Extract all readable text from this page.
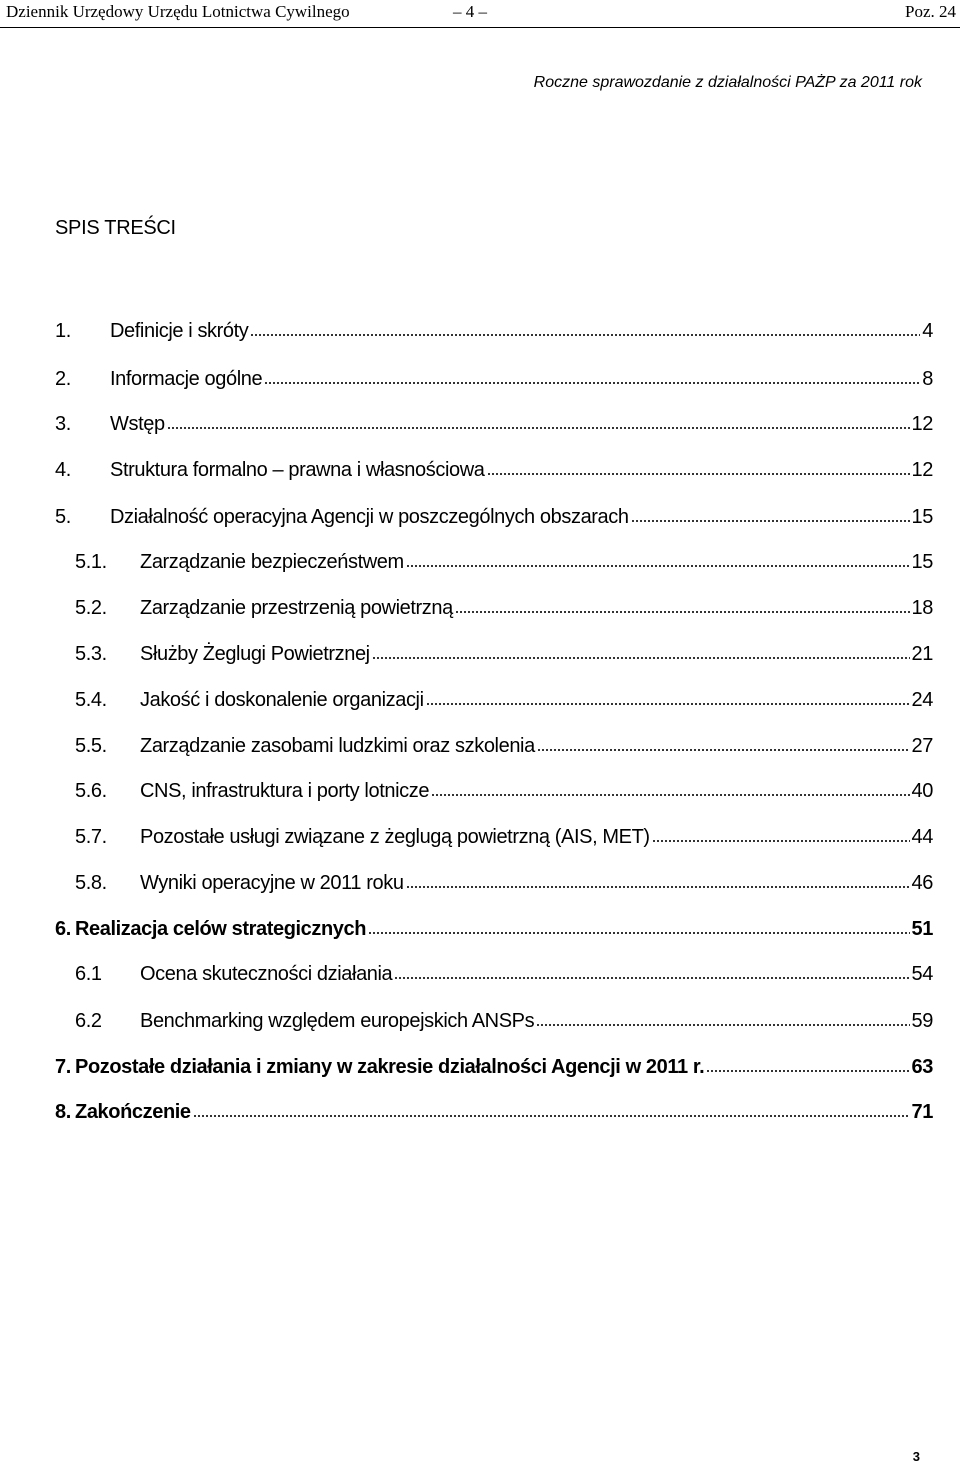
Dziennik Urzędowy Urzędu Lotnictwa Cywilnego	– 4 –	Poz. 24
Roczne sprawozdanie z działalności PAŻP za 2011 rok
SPIS TREŚCI
1.	Definicje i skróty	4
2.	Informacje ogólne	8
3.	Wstęp	12
4.	Struktura formalno – prawna i własnościowa	12
5.	Działalność operacyjna Agencji w poszczególnych obszarach	15
5.1.	Zarządzanie bezpieczeństwem	15
5.2.	Zarządzanie przestrzenią powietrzną	18
5.3.	Służby Żeglugi Powietrznej	21
5.4.	Jakość i doskonalenie organizacji	24
5.5.	Zarządzanie zasobami ludzkimi oraz szkolenia	27
5.6.	CNS, infrastruktura i porty lotnicze	40
5.7.	Pozostałe usługi związane z żeglugą powietrzną (AIS, MET)	44
5.8.	Wyniki operacyjne w 2011 roku	46
6. Realizacja celów strategicznych	51
6.1	Ocena skuteczności działania	54
6.2	Benchmarking względem europejskich ANSPs	59
7. Pozostałe działania i zmiany w zakresie działalności Agencji w 2011 r.	63
8. Zakończenie	71
3
